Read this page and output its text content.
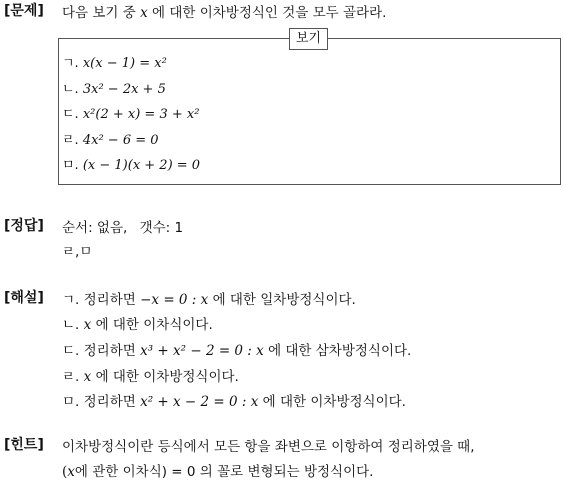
[문제] 다음 보기 중 x 에 대한 이차방정식인 것을 모두 골라라.
보기
ㄱ. x(x − 1) = x²
ㄴ. 3x² − 2x + 5
ㄷ. x²(2 + x) = 3 + x²
ㄹ. 4x² − 6 = 0
ㅁ. (x − 1)(x + 2) = 0
[정답] 순서: 없음, 갯수: 1
ㄹ,ㅁ
[해설] ㄱ. 정리하면 −x = 0 : x 에 대한 일차방정식이다.
ㄴ. x 에 대한 이차식이다.
ㄷ. 정리하면 x³ + x² − 2 = 0 : x 에 대한 삼차방정식이다.
ㄹ. x 에 대한 이차방정식이다.
ㅁ. 정리하면 x² + x − 2 = 0 : x 에 대한 이차방정식이다.
[힌트] 이차방정식이란 등식에서 모든 항을 좌변으로 이항하여 정리하였을 때,
(x에 관한 이차식) = 0 의 꼴로 변형되는 방정식이다.
